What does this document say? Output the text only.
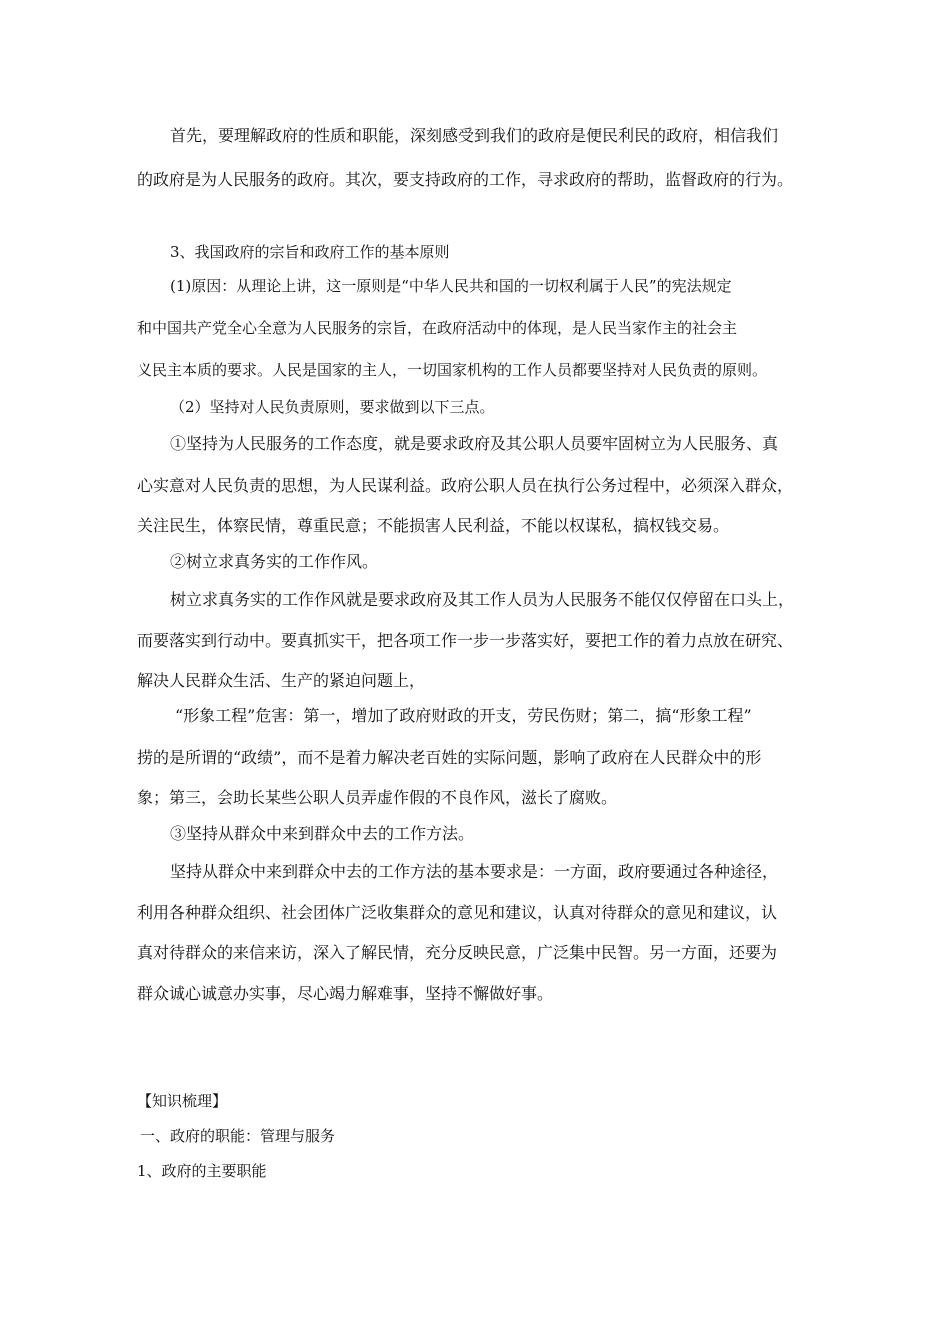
首先，要理解政府的性质和职能，深刻感受到我们的政府是便民利民的政府，相信我们
的政府是为人民服务的政府。其次，要支持政府的工作，寻求政府的帮助，监督政府的行为。
3、我国政府的宗旨和政府工作的基本原则
(1)原因：从理论上讲，这一原则是“中华人民共和国的一切权利属于人民”的宪法规定
和中国共产党全心全意为人民服务的宗旨，在政府活动中的体现，是人民当家作主的社会主
义民主本质的要求。人民是国家的主人，一切国家机构的工作人员都要坚持对人民负责的原则。
（2）坚持对人民负责原则，要求做到以下三点。
①坚持为人民服务的工作态度，就是要求政府及其公职人员要牢固树立为人民服务、真
心实意对人民负责的思想，为人民谋利益。政府公职人员在执行公务过程中，必须深入群众，
关注民生，体察民情，尊重民意；不能损害人民利益，不能以权谋私，搞权钱交易。
②树立求真务实的工作作风。
树立求真务实的工作作风就是要求政府及其工作人员为人民服务不能仅仅停留在口头上，
而要落实到行动中。要真抓实干，把各项工作一步一步落实好，要把工作的着力点放在研究、
解决人民群众生活、生产的紧迫问题上，
“形象工程”危害：第一，增加了政府财政的开支，劳民伤财；第二，搞“形象工程”
捞的是所谓的“政绩”，而不是着力解决老百姓的实际问题，影响了政府在人民群众中的形
象；第三，会助长某些公职人员弄虚作假的不良作风，滋长了腐败。
③坚持从群众中来到群众中去的工作方法。
坚持从群众中来到群众中去的工作方法的基本要求是：一方面，政府要通过各种途径，
利用各种群众组织、社会团体广泛收集群众的意见和建议，认真对待群众的意见和建议，认
真对待群众的来信来访，深入了解民情，充分反映民意，广泛集中民智。另一方面，还要为
群众诚心诚意办实事，尽心竭力解难事，坚持不懈做好事。
【知识梳理】
一、政府的职能：管理与服务
1、政府的主要职能
